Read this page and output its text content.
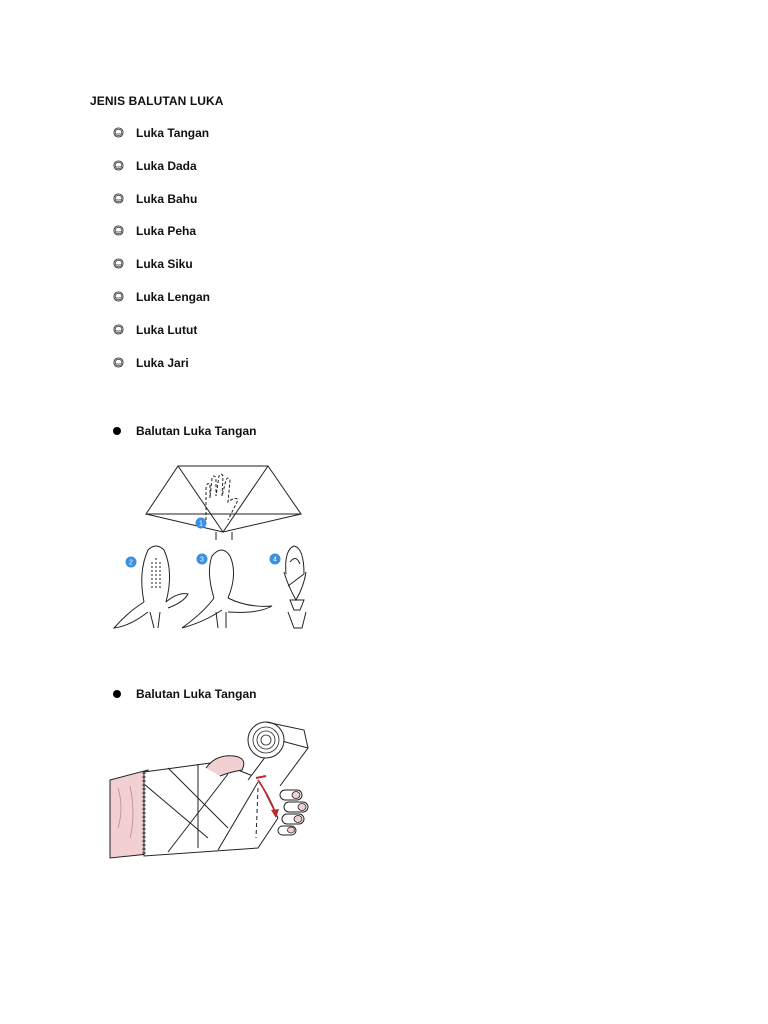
JENIS BALUTAN LUKA
Luka Tangan
Luka Dada
Luka Bahu
Luka Peha
Luka Siku
Luka Lengan
Luka Lutut
Luka Jari
Balutan Luka Tangan
1
2	3	4
Balutan Luka Tangan
